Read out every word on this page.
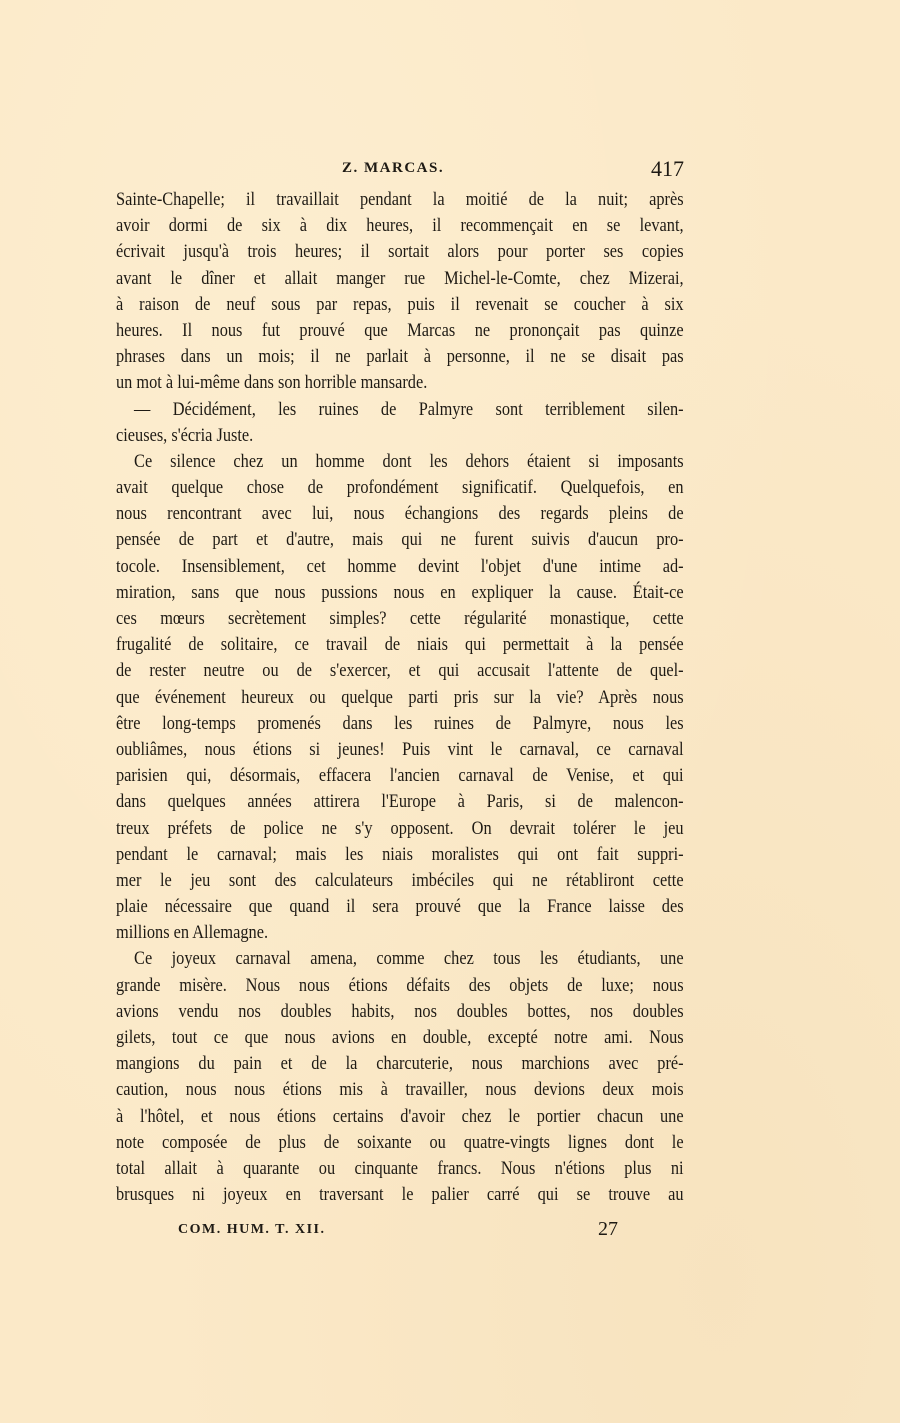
Z. MARCAS.	417
Sainte-Chapelle; il travaillait pendant la moitié de la nuit; après
avoir dormi de six à dix heures, il recommençait en se levant,
écrivait jusqu'à trois heures; il sortait alors pour porter ses copies
avant le dîner et allait manger rue Michel-le-Comte, chez Mizerai,
à raison de neuf sous par repas, puis il revenait se coucher à six
heures. Il nous fut prouvé que Marcas ne prononçait pas quinze
phrases dans un mois; il ne parlait à personne, il ne se disait pas
un mot à lui-même dans son horrible mansarde.
— Décidément, les ruines de Palmyre sont terriblement silen-
cieuses, s'écria Juste.
Ce silence chez un homme dont les dehors étaient si imposants
avait quelque chose de profondément significatif. Quelquefois, en
nous rencontrant avec lui, nous échangions des regards pleins de
pensée de part et d'autre, mais qui ne furent suivis d'aucun pro-
tocole. Insensiblement, cet homme devint l'objet d'une intime ad-
miration, sans que nous pussions nous en expliquer la cause. Était-ce
ces mœurs secrètement simples? cette régularité monastique, cette
frugalité de solitaire, ce travail de niais qui permettait à la pensée
de rester neutre ou de s'exercer, et qui accusait l'attente de quel-
que événement heureux ou quelque parti pris sur la vie? Après nous
être long-temps promenés dans les ruines de Palmyre, nous les
oubliâmes, nous étions si jeunes! Puis vint le carnaval, ce carnaval
parisien qui, désormais, effacera l'ancien carnaval de Venise, et qui
dans quelques années attirera l'Europe à Paris, si de malencon-
treux préfets de police ne s'y opposent. On devrait tolérer le jeu
pendant le carnaval; mais les niais moralistes qui ont fait suppri-
mer le jeu sont des calculateurs imbéciles qui ne rétabliront cette
plaie nécessaire que quand il sera prouvé que la France laisse des
millions en Allemagne.
Ce joyeux carnaval amena, comme chez tous les étudiants, une
grande misère. Nous nous étions défaits des objets de luxe; nous
avions vendu nos doubles habits, nos doubles bottes, nos doubles
gilets, tout ce que nous avions en double, excepté notre ami. Nous
mangions du pain et de la charcuterie, nous marchions avec pré-
caution, nous nous étions mis à travailler, nous devions deux mois
à l'hôtel, et nous étions certains d'avoir chez le portier chacun une
note composée de plus de soixante ou quatre-vingts lignes dont le
total allait à quarante ou cinquante francs. Nous n'étions plus ni
brusques ni joyeux en traversant le palier carré qui se trouve au
COM. HUM. T. XII.	27
